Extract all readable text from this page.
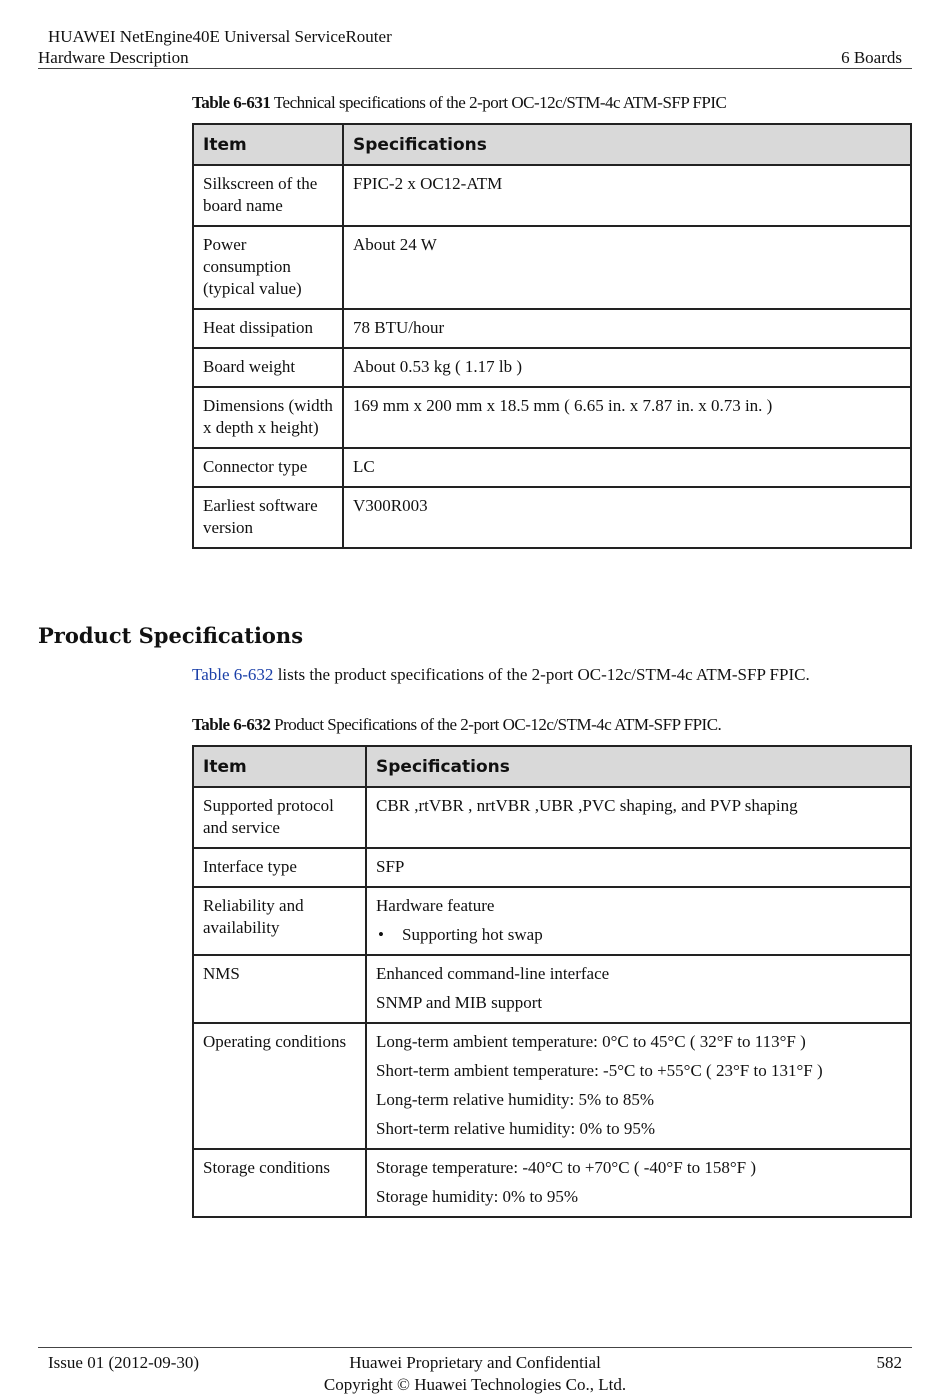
HUAWEI NetEngine40E Universal ServiceRouter
Hardware Description	6 Boards
Table 6-631 Technical specifications of the 2-port OC-12c/STM-4c ATM-SFP FPIC
Item	Specifications
Silkscreen of the board name	FPIC-2 x OC12-ATM
Power consumption (typical value)	About 24 W
Heat dissipation	78 BTU/hour
Board weight	About 0.53 kg ( 1.17 lb )
Dimensions (width x depth x height)	169 mm x 200 mm x 18.5 mm ( 6.65 in. x 7.87 in. x 0.73 in. )
Connector type	LC
Earliest software version	V300R003
Product Specifications
Table 6-632 lists the product specifications of the 2-port OC-12c/STM-4c ATM-SFP FPIC.
Table 6-632 Product Specifications of the 2-port OC-12c/STM-4c ATM-SFP FPIC.
Item	Specifications
Supported protocol and service	CBR ,rtVBR , nrtVBR ,UBR ,PVC shaping, and PVP shaping

Interface type	SFP

Reliability and availability	Hardware feature
• Supporting hot swap

NMS	Enhanced command-line interface
SNMP and MIB support

Operating conditions	Long-term ambient temperature: 0°C to 45°C ( 32°F to 113°F )
Short-term ambient temperature: -5°C to +55°C ( 23°F to 131°F )
Long-term relative humidity: 5% to 85%
Short-term relative humidity: 0% to 95%

Storage conditions	Storage temperature: -40°C to +70°C ( -40°F to 158°F )
Storage humidity: 0% to 95%
Issue 01 (2012-09-30)	Huawei Proprietary and Confidential
Copyright © Huawei Technologies Co., Ltd.
582
